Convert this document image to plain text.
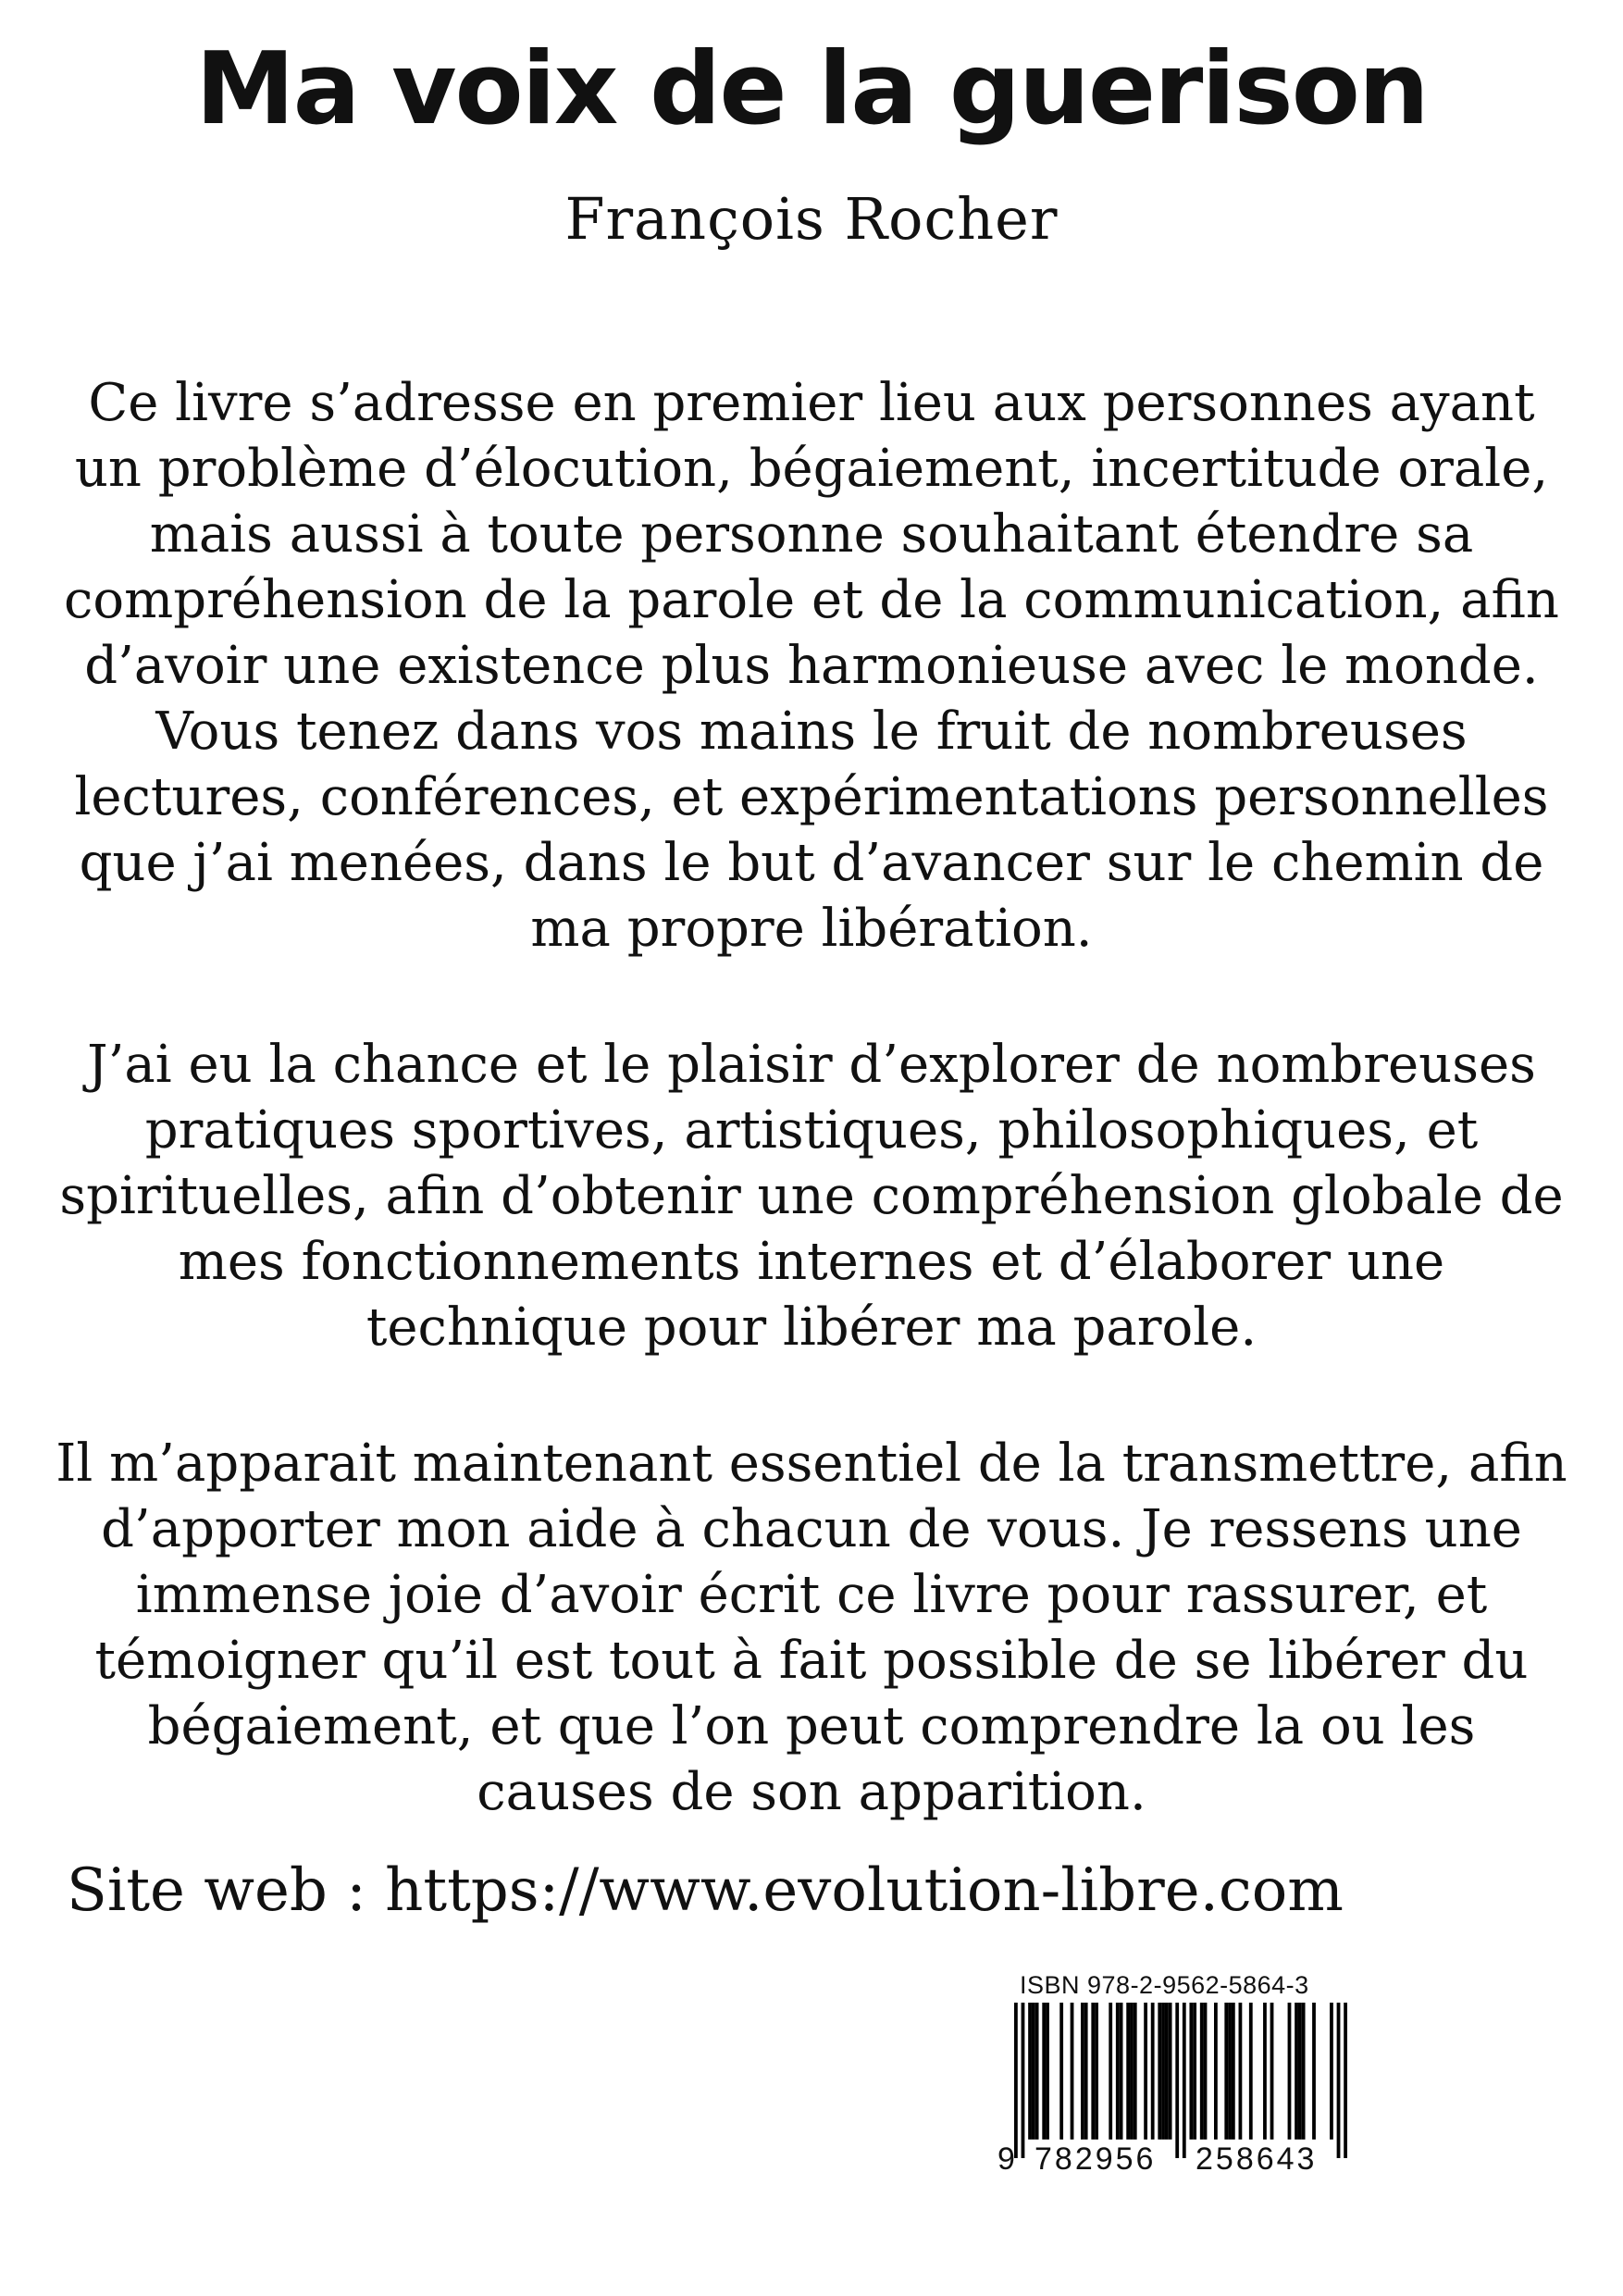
Ma voix de la guerison

François Rocher

Ce livre s’adresse en premier lieu aux personnes ayant un problème d’élocution, bégaiement, incertitude orale, mais aussi à toute personne souhaitant étendre sa compréhension de la parole et de la communication, afin d’avoir une existence plus harmonieuse avec le monde. Vous tenez dans vos mains le fruit de nombreuses lectures, conférences, et expérimentations personnelles que j’ai menées, dans le but d’avancer sur le chemin de ma propre libération.

J’ai eu la chance et le plaisir d’explorer de nombreuses pratiques sportives, artistiques, philosophiques, et spirituelles, afin d’obtenir une compréhension globale de mes fonctionnements internes et d’élaborer une technique pour libérer ma parole.

Il m’apparait maintenant essentiel de la transmettre, afin d’apporter mon aide à chacun de vous. Je ressens une immense joie d’avoir écrit ce livre pour rassurer, et témoigner qu’il est tout à fait possible de se libérer du bégaiement, et que l’on peut comprendre la ou les causes de son apparition.

Site web : https://www.evolution-libre.com

ISBN 978-2-9562-5864-3
9 782956 258643
